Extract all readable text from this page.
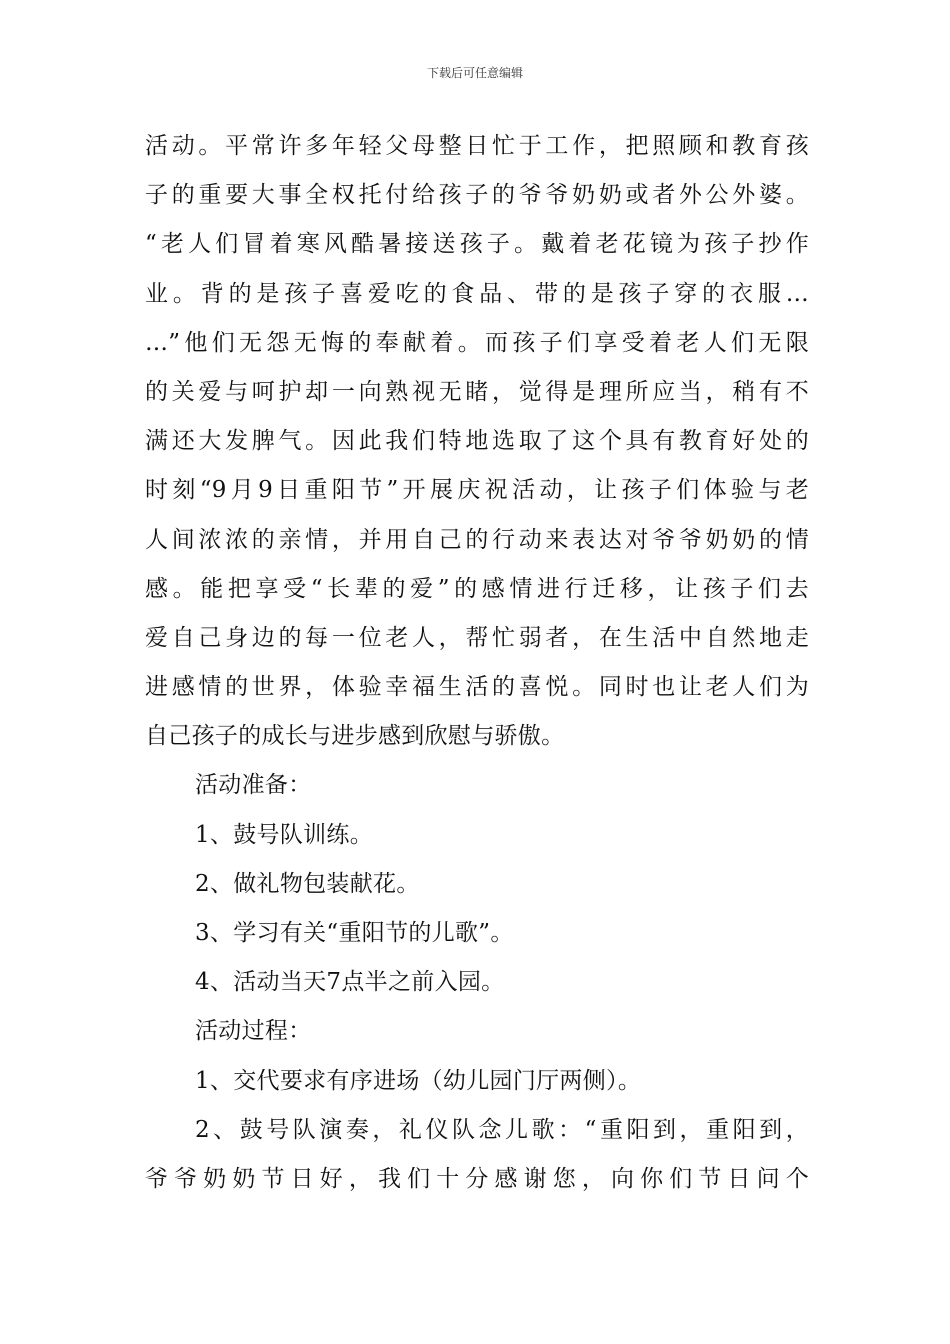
下载后可任意编辑
活动。平常许多年轻父母整日忙于工作，把照顾和教育孩
子的重要大事全权托付给孩子的爷爷奶奶或者外公外婆。
“老人们冒着寒风酷暑接送孩子。戴着老花镜为孩子抄作
业。背的是孩子喜爱吃的食品、带的是孩子穿的衣服…
…”他们无怨无悔的奉献着。而孩子们享受着老人们无限
的关爱与呵护却一向熟视无睹，觉得是理所应当，稍有不
满还大发脾气。因此我们特地选取了这个具有教育好处的
时刻“9月9日重阳节”开展庆祝活动，让孩子们体验与老
人间浓浓的亲情，并用自己的行动来表达对爷爷奶奶的情
感。能把享受“长辈的爱”的感情进行迁移，让孩子们去
爱自己身边的每一位老人，帮忙弱者，在生活中自然地走
进感情的世界，体验幸福生活的喜悦。同时也让老人们为
自己孩子的成长与进步感到欣慰与骄傲。
活动准备：
1、鼓号队训练。
2、做礼物包装献花。
3、学习有关“重阳节的儿歌”。
4、活动当天7点半之前入园。
活动过程：
1、交代要求有序进场（幼儿园门厅两侧）。
2、鼓号队演奏，礼仪队念儿歌：“重阳到，重阳到，
爷爷奶奶节日好，我们十分感谢您，向你们节日问个
